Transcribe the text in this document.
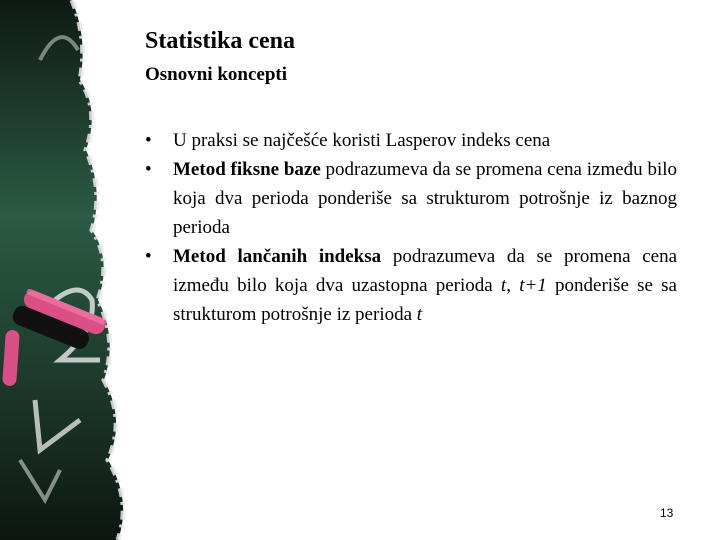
Statistika cena
Osnovni koncepti
•	U praksi se najčešće koristi Lasperov indeks cena
•	Metod fiksne baze podrazumeva da se promena cena između bilo koja dva perioda ponderiše sa strukturom potrošnje iz baznog perioda
•	Metod lančanih indeksa podrazumeva da se promena cena između bilo koja dva uzastopna perioda t, t+1 ponderiše se sa strukturom potrošnje iz perioda t
13
